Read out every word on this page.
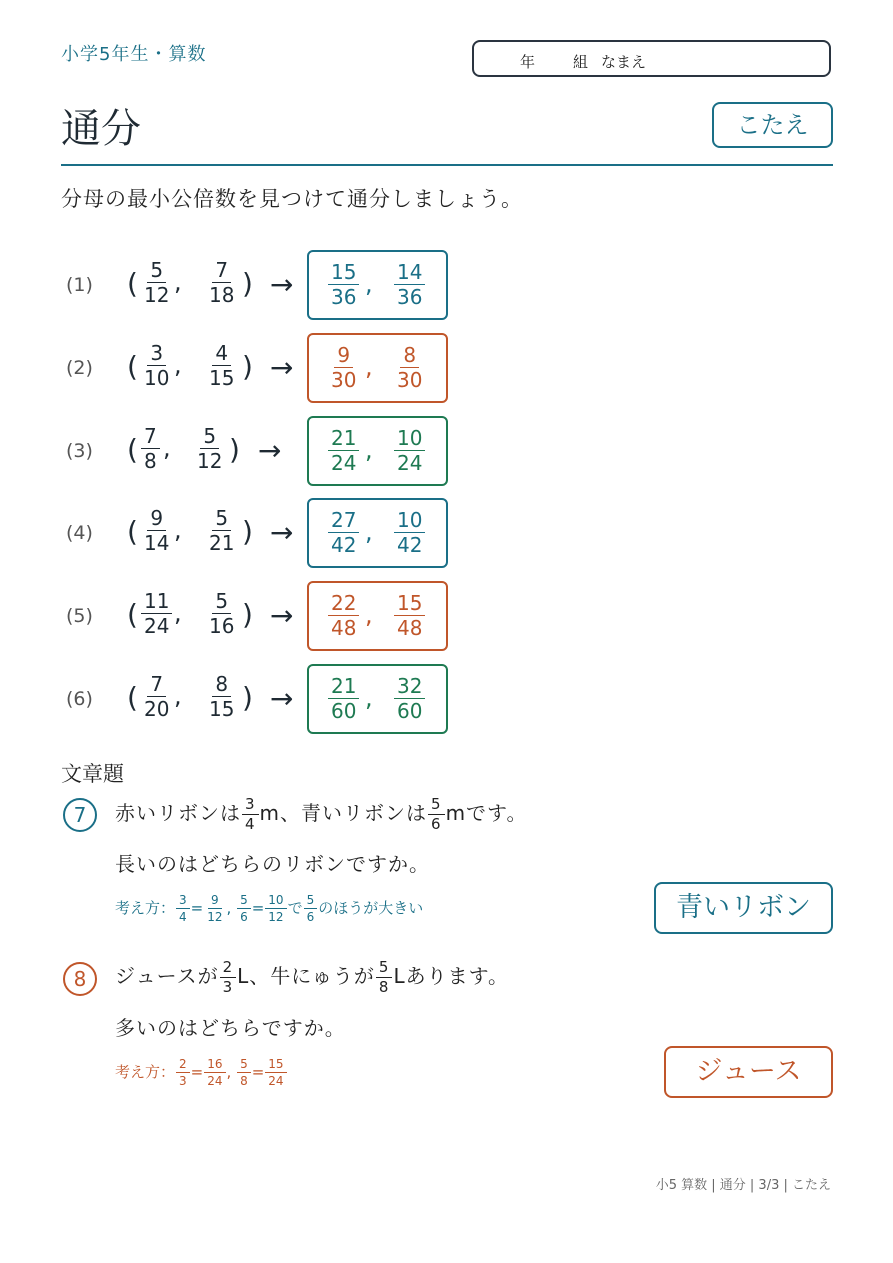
小学5年生・算数	年	組 なまえ
通分	こたえ
分母の最小公倍数を見つけて通分しましょう。
(1) ( $\frac{5}{12}$ , $\frac{7}{18}$ ) → $\frac{15}{36}$ , $\frac{14}{36}$
(2) ( $\frac{3}{10}$ , $\frac{4}{15}$ ) → $\frac{9}{30}$ , $\frac{8}{30}$
(3) ( $\frac{7}{8}$ , $\frac{5}{12}$ ) → $\frac{21}{24}$ , $\frac{10}{24}$
(4) ( $\frac{9}{14}$ , $\frac{5}{21}$ ) → $\frac{27}{42}$ , $\frac{10}{42}$
(5) ( $\frac{11}{24}$ , $\frac{5}{16}$ ) → $\frac{22}{48}$ , $\frac{15}{48}$
(6) ( $\frac{7}{20}$ , $\frac{8}{15}$ ) → $\frac{21}{60}$ , $\frac{32}{60}$
文章題
7	赤いリボンは $\frac{3}{4}$ m、青いリボンは $\frac{5}{6}$ mです。
長いのはどちらのリボンですか。
考え方： $\frac{3}{4} = \frac{9}{12}$ , $\frac{5}{6} = \frac{10}{12}$ で $\frac{5}{6}$ のほうが大きい	青いリボン
8	ジュースが $\frac{2}{3}$ L、牛にゅうが $\frac{5}{8}$ Lあります。
多いのはどちらですか。
考え方： $\frac{2}{3} = \frac{16}{24}$ , $\frac{5}{8} = \frac{15}{24}$	ジュース
小5 算数 | 通分 | 3/3 | こたえ
